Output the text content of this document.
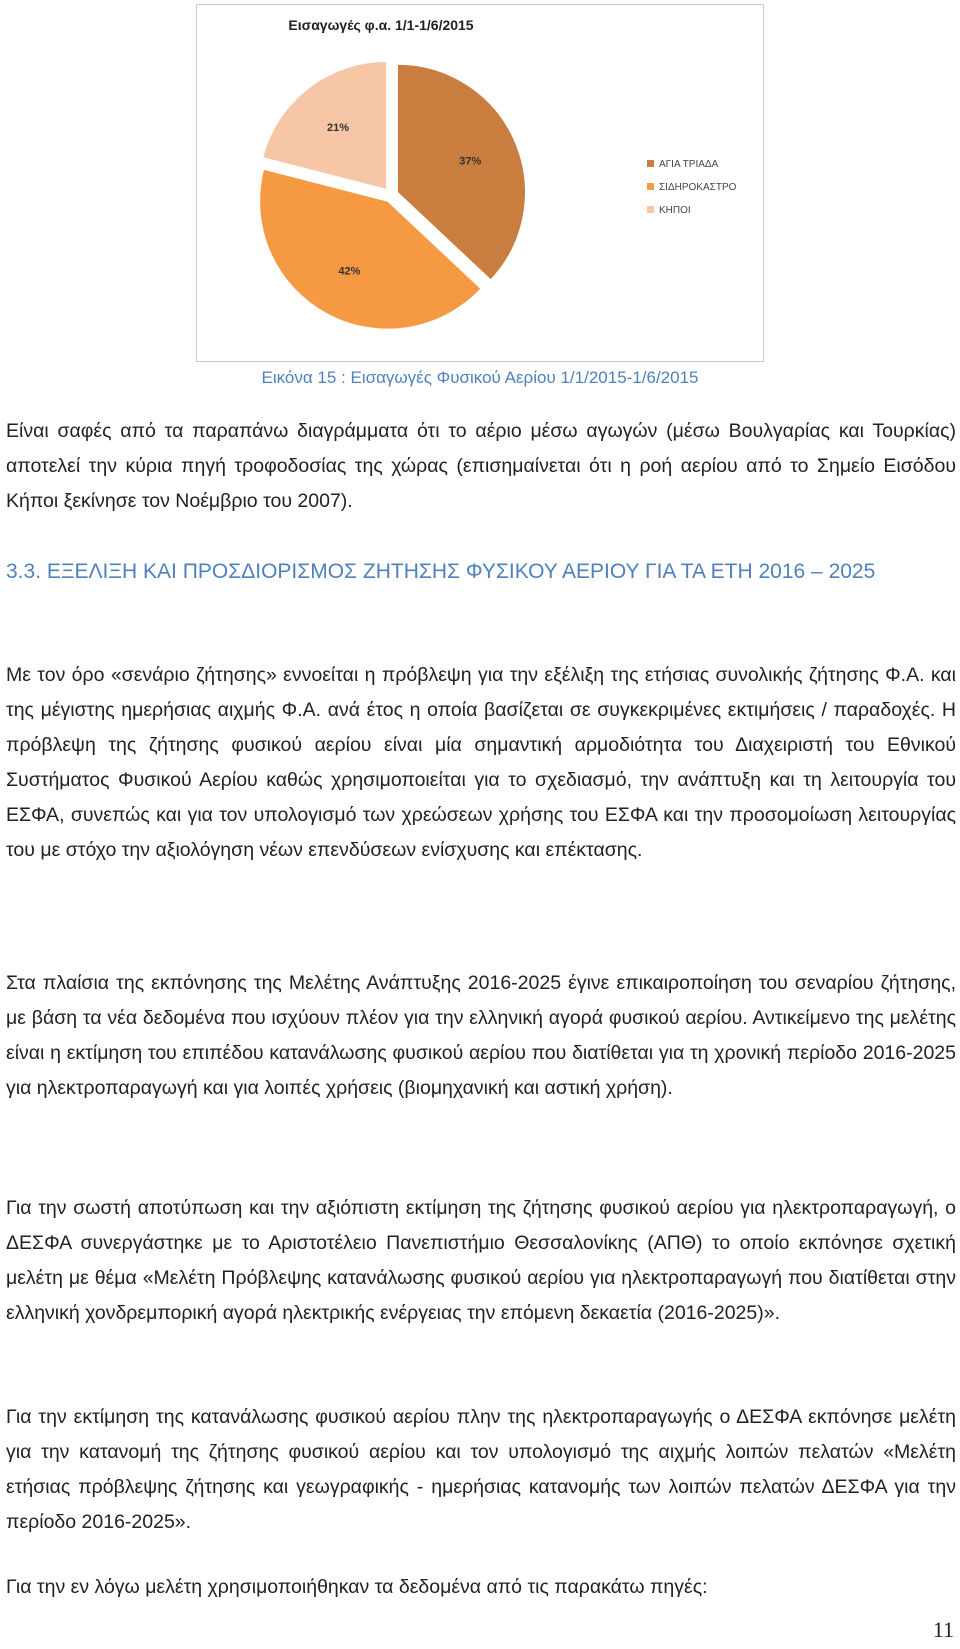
Εισαγωγές φ.α. 1/1-1/6/2015
37%
42%
21%
ΑΓΙΑ ΤΡΙΑΔΑ
ΣΙΔΗΡΟΚΑΣΤΡΟ
ΚΗΠΟΙ
Εικόνα 15 : Εισαγωγές Φυσικού Αερίου 1/1/2015-1/6/2015

Είναι σαφές από τα παραπάνω διαγράμματα ότι το αέριο μέσω αγωγών (μέσω Βουλγαρίας και Τουρκίας) αποτελεί την κύρια πηγή τροφοδοσίας της χώρας (επισημαίνεται ότι η ροή αερίου από το Σημείο Εισόδου Κήποι ξεκίνησε τον Νοέμβριο του 2007).

3.3. ΕΞΕΛΙΞΗ ΚΑΙ ΠΡΟΣΔΙΟΡΙΣΜΟΣ ΖΗΤΗΣΗΣ ΦΥΣΙΚΟΥ ΑΕΡΙΟΥ ΓΙΑ ΤΑ ΕΤΗ 2016 – 2025

Με τον όρο «σενάριο ζήτησης» εννοείται η πρόβλεψη για την εξέλιξη της ετήσιας συνολικής ζήτησης Φ.Α. και της μέγιστης ημερήσιας αιχμής Φ.Α. ανά έτος η οποία βασίζεται σε συγκεκριμένες εκτιμήσεις / παραδοχές. Η πρόβλεψη της ζήτησης φυσικού αερίου είναι μία σημαντική αρμοδιότητα του Διαχειριστή του Εθνικού Συστήματος Φυσικού Αερίου καθώς χρησιμοποιείται για το σχεδιασμό, την ανάπτυξη και τη λειτουργία του ΕΣΦΑ, συνεπώς και για τον υπολογισμό των χρεώσεων χρήσης του ΕΣΦΑ και την προσομοίωση λειτουργίας του με στόχο την αξιολόγηση νέων επενδύσεων ενίσχυσης και επέκτασης.

Στα πλαίσια της εκπόνησης της Μελέτης Ανάπτυξης 2016-2025 έγινε επικαιροποίηση του σεναρίου ζήτησης, με βάση τα νέα δεδομένα που ισχύουν πλέον για την ελληνική αγορά φυσικού αερίου. Αντικείμενο της μελέτης είναι η εκτίμηση του επιπέδου κατανάλωσης φυσικού αερίου που διατίθεται για τη χρονική περίοδο 2016-2025 για ηλεκτροπαραγωγή και για λοιπές χρήσεις (βιομηχανική και αστική χρήση).

Για την σωστή αποτύπωση και την αξιόπιστη εκτίμηση της ζήτησης φυσικού αερίου για ηλεκτροπαραγωγή, ο ΔΕΣΦΑ συνεργάστηκε με το Αριστοτέλειο Πανεπιστήμιο Θεσσαλονίκης (ΑΠΘ) το οποίο εκπόνησε σχετική μελέτη με θέμα «Μελέτη Πρόβλεψης κατανάλωσης φυσικού αερίου για ηλεκτροπαραγωγή που διατίθεται στην ελληνική χονδρεμπορική αγορά ηλεκτρικής ενέργειας την επόμενη δεκαετία (2016-2025)».

Για την εκτίμηση της κατανάλωσης φυσικού αερίου πλην της ηλεκτροπαραγωγής ο ΔΕΣΦΑ εκπόνησε μελέτη για την κατανομή της ζήτησης φυσικού αερίου και τον υπολογισμό της αιχμής λοιπών πελατών «Μελέτη ετήσιας πρόβλεψης ζήτησης και γεωγραφικής - ημερήσιας κατανομής των λοιπών πελατών ΔΕΣΦΑ για την περίοδο 2016-2025».

Για την εν λόγω μελέτη χρησιμοποιήθηκαν τα δεδομένα από τις παρακάτω πηγές:

11
